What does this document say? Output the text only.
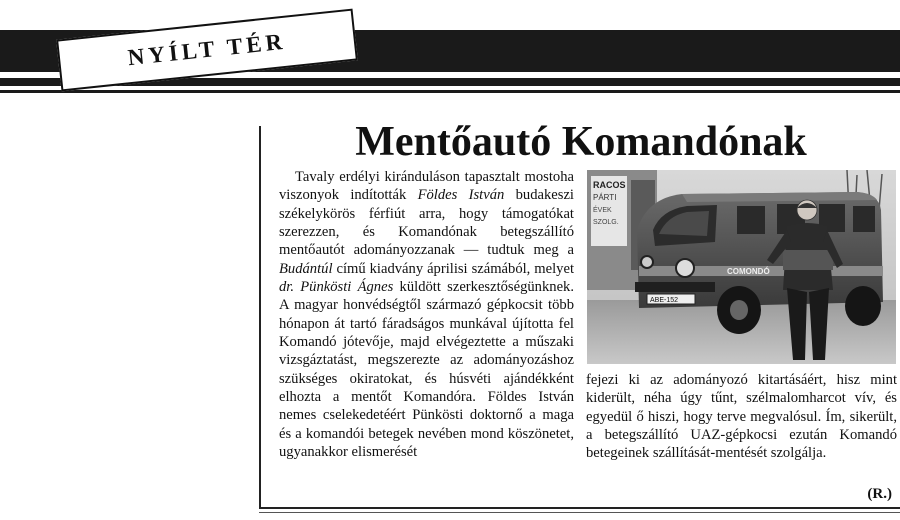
NYÍLT TÉR
Mentőautó Komandónak

Tavaly erdélyi kiránduláson tapasztalt mostoha viszonyok indították Földes István budakeszi székelykörös férfiút arra, hogy támogatókat szerezzen, és Komandónak betegszállító mentőautót adományozzanak — tudtuk meg a Budántúl című kiadvány áprilisi számából, melyet dr. Pünkösti Ágnes küldött szerkesztőségünknek. A magyar honvédségtől származó gépkocsit több hónapon át tartó fáradságos munkával újította fel Komandó jótevője, majd elvégeztette a műszaki vizsgáztatást, megszerezte az adományozáshoz szükséges okiratokat, és húsvéti ajándékként elhozta a mentőt Komandóra. Földes István nemes cselekedetéért Pünkösti doktornő a maga és a komandói betegek nevében mond köszönetet, ugyanakkor elismerését

RACOS
PÁRTI
ÉVEK
SZOLG.
COMONDÓ
ABE-152

fejezi ki az adományozó kitartásáért, hisz mint kiderült, néha úgy tűnt, szélmalomharcot vív, és egyedül ő hiszi, hogy terve megvalósul. Ím, sikerült, a betegszállító UAZ-gépkocsi ezután Komandó betegeinek szállítását-mentését szolgálja.

(R.)
